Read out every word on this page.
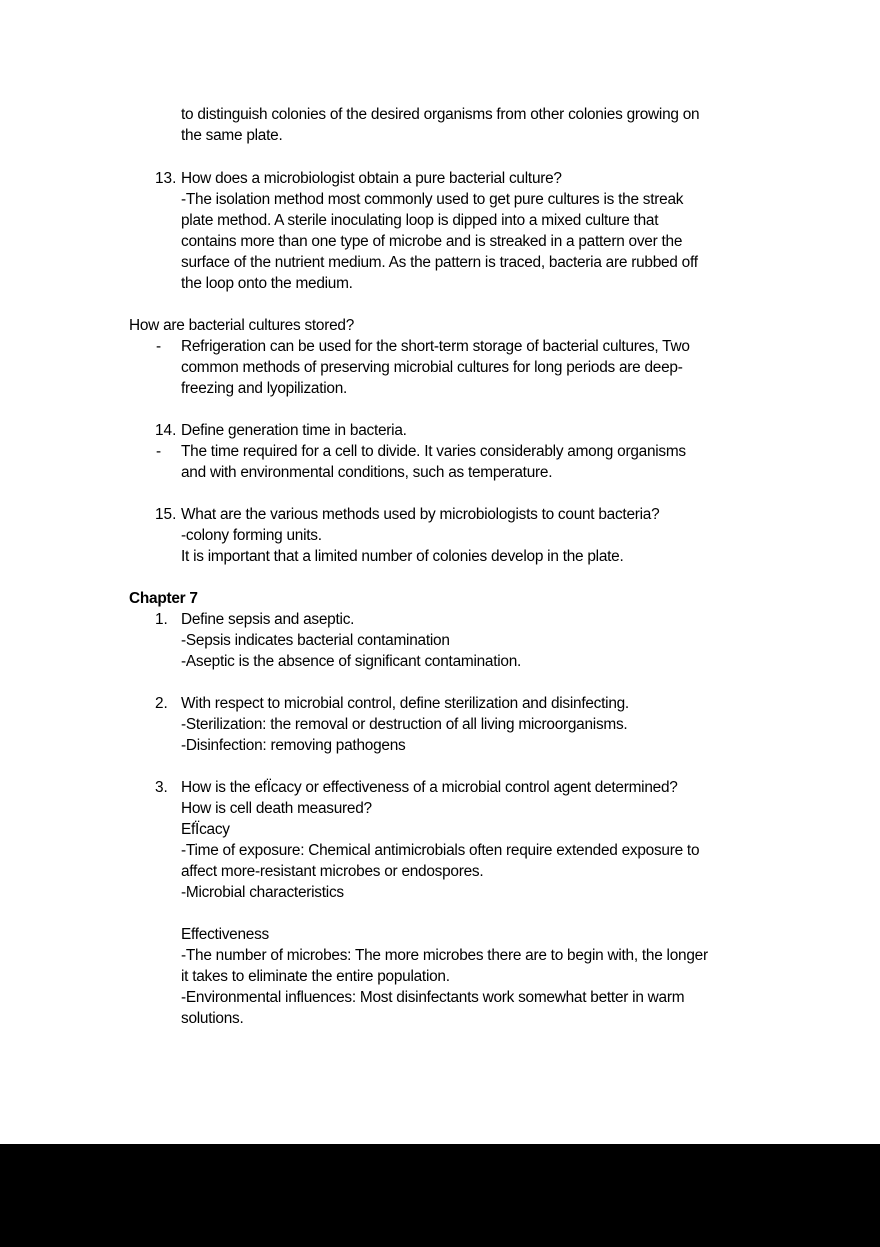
to distinguish colonies of the desired organisms from other colonies growing on
the same plate.
13. How does a microbiologist obtain a pure bacterial culture?
-The isolation method most commonly used to get pure cultures is the streak
plate method. A sterile inoculating loop is dipped into a mixed culture that
contains more than one type of microbe and is streaked in a pattern over the
surface of the nutrient medium. As the pattern is traced, bacteria are rubbed off
the loop onto the medium.
How are bacterial cultures stored?
- Refrigeration can be used for the short-term storage of bacterial cultures, Two
common methods of preserving microbial cultures for long periods are deep-
freezing and lyopilization.
14. Define generation time in bacteria.
- The time required for a cell to divide. It varies considerably among organisms
and with environmental conditions, such as temperature.
15. What are the various methods used by microbiologists to count bacteria?
-colony forming units.
It is important that a limited number of colonies develop in the plate.
Chapter 7
1. Define sepsis and aseptic.
-Sepsis indicates bacterial contamination
-Aseptic is the absence of significant contamination.
2. With respect to microbial control, define sterilization and disinfecting.
-Sterilization: the removal or destruction of all living microorganisms.
-Disinfection: removing pathogens
3. How is the efÏcacy or effectiveness of a microbial control agent determined?
How is cell death measured?
EfÏcacy
-Time of exposure: Chemical antimicrobials often require extended exposure to
affect more-resistant microbes or endospores.
-Microbial characteristics
Effectiveness
-The number of microbes: The more microbes there are to begin with, the longer
it takes to eliminate the entire population.
-Environmental influences: Most disinfectants work somewhat better in warm
solutions.
